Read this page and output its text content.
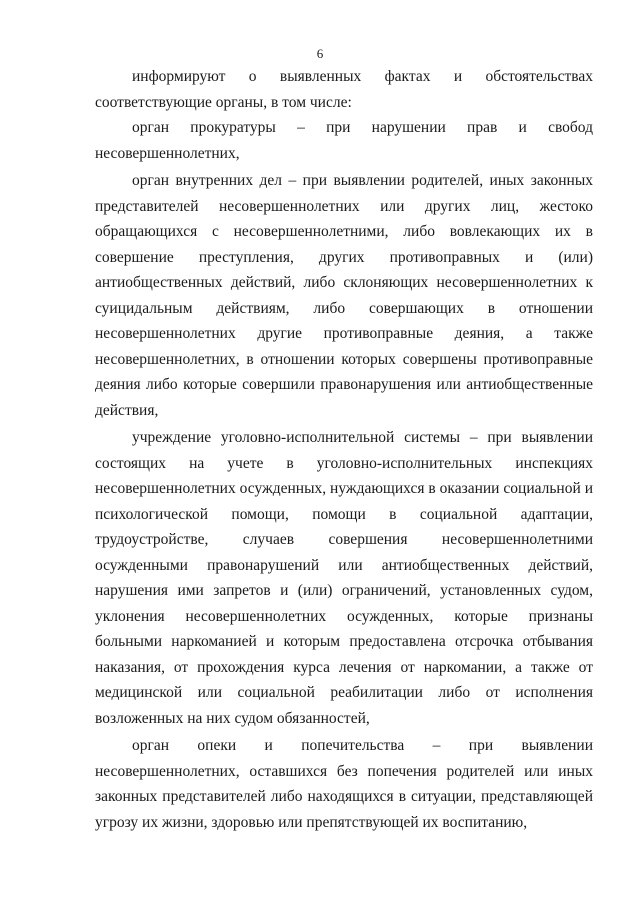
6

информируют о выявленных фактах и обстоятельствах соответствующие органы, в том числе:

орган прокуратуры – при нарушении прав и свобод несовершеннолетних,

орган внутренних дел – при выявлении родителей, иных законных представителей несовершеннолетних или других лиц, жестоко обращающихся с несовершеннолетними, либо вовлекающих их в совершение преступления, других противоправных и (или) антиобщественных действий, либо склоняющих несовершеннолетних к суицидальным действиям, либо совершающих в отношении несовершеннолетних другие противоправные деяния, а также несовершеннолетних, в отношении которых совершены противоправные деяния либо которые совершили правонарушения или антиобщественные действия,

учреждение уголовно-исполнительной системы – при выявлении состоящих на учете в уголовно-исполнительных инспекциях несовершеннолетних осужденных, нуждающихся в оказании социальной и психологической помощи, помощи в социальной адаптации, трудоустройстве, случаев совершения несовершеннолетними осужденными правонарушений или антиобщественных действий, нарушения ими запретов и (или) ограничений, установленных судом, уклонения несовершеннолетних осужденных, которые признаны больными наркоманией и которым предоставлена отсрочка отбывания наказания, от прохождения курса лечения от наркомании, а также от медицинской или социальной реабилитации либо от исполнения возложенных на них судом обязанностей,

орган опеки и попечительства – при выявлении несовершеннолетних, оставшихся без попечения родителей или иных законных представителей либо находящихся в ситуации, представляющей угрозу их жизни, здоровью или препятствующей их воспитанию,
